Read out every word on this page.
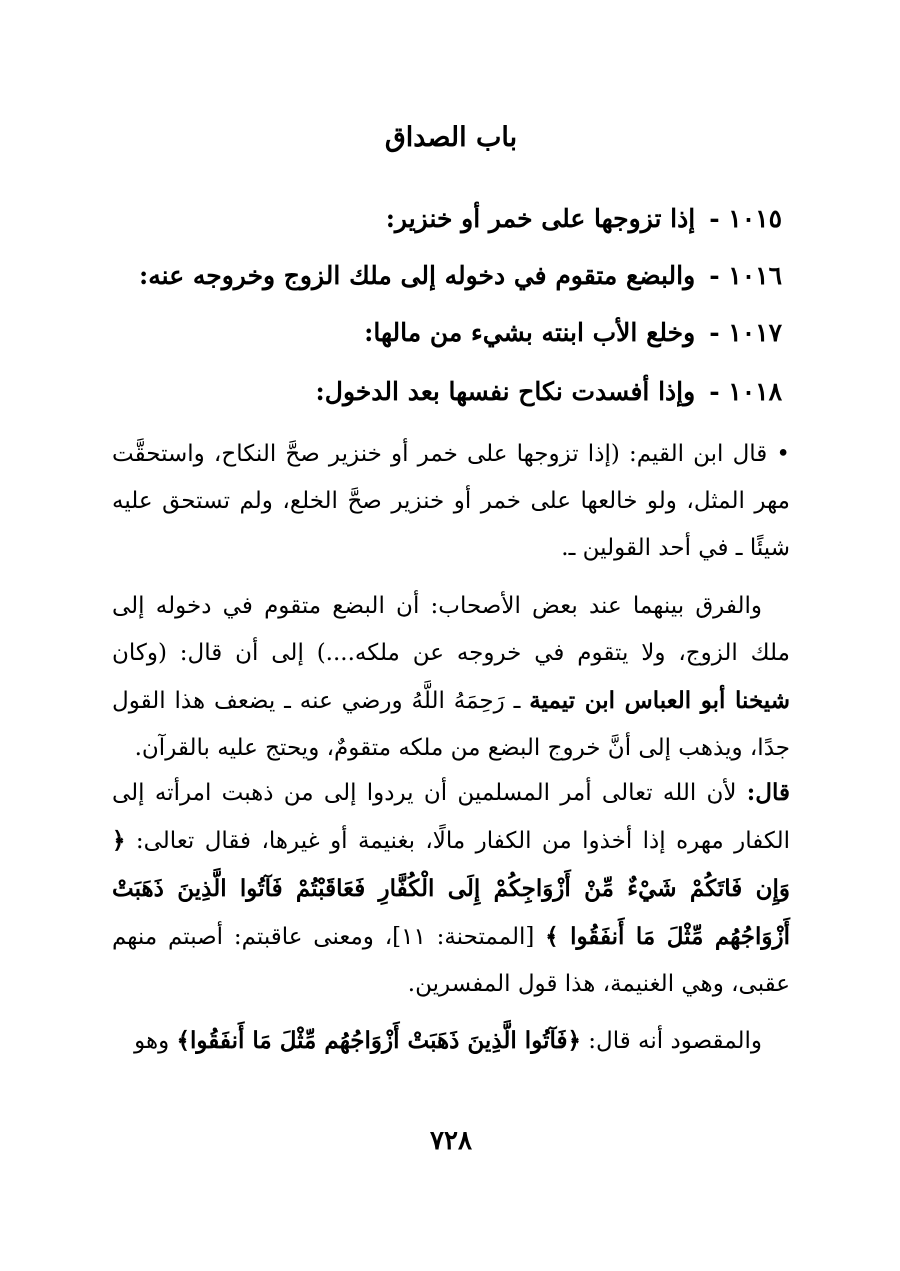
باب الصداق
١٠١٥ -إذا تزوجها على خمر أو خنزير:
١٠١٦ -والبضع متقوم في دخوله إلى ملك الزوج وخروجه عنه:
١٠١٧ -وخلع الأب ابنته بشيء من مالها:
١٠١٨ -وإذا أفسدت نكاح نفسها بعد الدخول:
• قال ابن القيم: (إذا تزوجها على خمر أو خنزير صحَّ النكاح، واستحقَّت مهر المثل، ولو خالعها على خمر أو خنزير صحَّ الخلع، ولم تستحق عليه شيئًا ـ في أحد القولين ـ.
والفرق بينهما عند بعض الأصحاب: أن البضع متقوم في دخوله إلى ملك الزوج، ولا يتقوم في خروجه عن ملكه....) إلى أن قال: (وكان شيخنا أبو العباس ابن تيمية ـ رَحِمَهُ اللَّهُ ورضي عنه ـ يضعف هذا القول جدًا، ويذهب إلى أنَّ خروج البضع من ملكه متقومٌ، ويحتج عليه بالقرآن.
قال: لأن الله تعالى أمر المسلمين أن يردوا إلى من ذهبت امرأته إلى الكفار مهره إذا أخذوا من الكفار مالًا، بغنيمة أو غيرها، فقال تعالى: ﴿ وَإِن فَاتَكُمْ شَيْءٌ مِّنْ أَزْوَاجِكُمْ إِلَى الْكُفَّارِ فَعَاقَبْتُمْ فَآتُوا الَّذِينَ ذَهَبَتْ أَزْوَاجُهُم مِّثْلَ مَا أَنفَقُوا ﴾ [الممتحنة: ١١]، ومعنى عاقبتم: أصبتم منهم عقبى، وهي الغنيمة، هذا قول المفسرين.
والمقصود أنه قال: ﴿فَآتُوا الَّذِينَ ذَهَبَتْ أَزْوَاجُهُم مِّثْلَ مَا أَنفَقُوا﴾ وهو
٧٢٨
